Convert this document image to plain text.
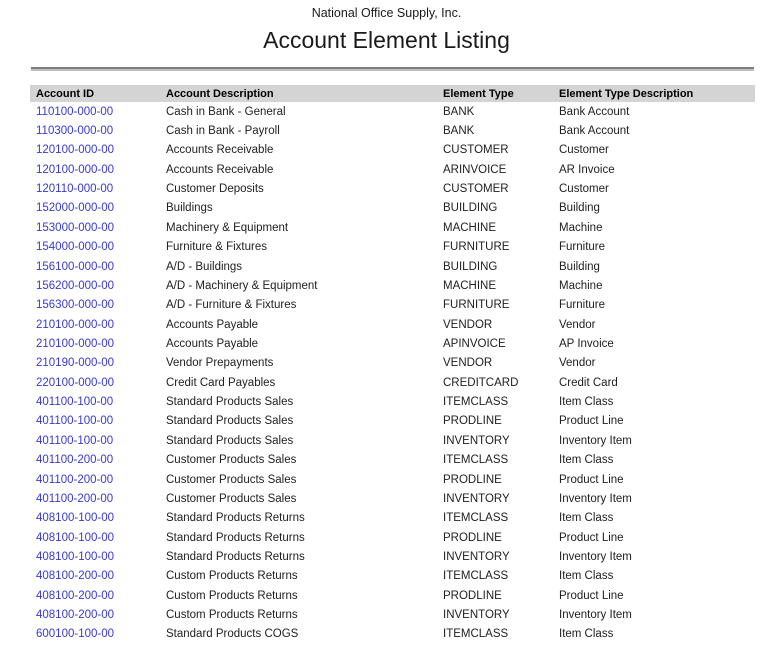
National Office Supply, Inc.
Account Element Listing
Account ID	Account Description	Element Type	Element Type Description
110100-000-00	Cash in Bank - General	BANK	Bank Account
110300-000-00	Cash in Bank - Payroll	BANK	Bank Account
120100-000-00	Accounts Receivable	CUSTOMER	Customer
120100-000-00	Accounts Receivable	ARINVOICE	AR Invoice
120110-000-00	Customer Deposits	CUSTOMER	Customer
152000-000-00	Buildings	BUILDING	Building
153000-000-00	Machinery & Equipment	MACHINE	Machine
154000-000-00	Furniture & Fixtures	FURNITURE	Furniture
156100-000-00	A/D - Buildings	BUILDING	Building
156200-000-00	A/D - Machinery & Equipment	MACHINE	Machine
156300-000-00	A/D - Furniture & Fixtures	FURNITURE	Furniture
210100-000-00	Accounts Payable	VENDOR	Vendor
210100-000-00	Accounts Payable	APINVOICE	AP Invoice
210190-000-00	Vendor Prepayments	VENDOR	Vendor
220100-000-00	Credit Card Payables	CREDITCARD	Credit Card
401100-100-00	Standard Products Sales	ITEMCLASS	Item Class
401100-100-00	Standard Products Sales	PRODLINE	Product Line
401100-100-00	Standard Products Sales	INVENTORY	Inventory Item
401100-200-00	Customer Products Sales	ITEMCLASS	Item Class
401100-200-00	Customer Products Sales	PRODLINE	Product Line
401100-200-00	Customer Products Sales	INVENTORY	Inventory Item
408100-100-00	Standard Products Returns	ITEMCLASS	Item Class
408100-100-00	Standard Products Returns	PRODLINE	Product Line
408100-100-00	Standard Products Returns	INVENTORY	Inventory Item
408100-200-00	Custom Products Returns	ITEMCLASS	Item Class
408100-200-00	Custom Products Returns	PRODLINE	Product Line
408100-200-00	Custom Products Returns	INVENTORY	Inventory Item
600100-100-00	Standard Products COGS	ITEMCLASS	Item Class
